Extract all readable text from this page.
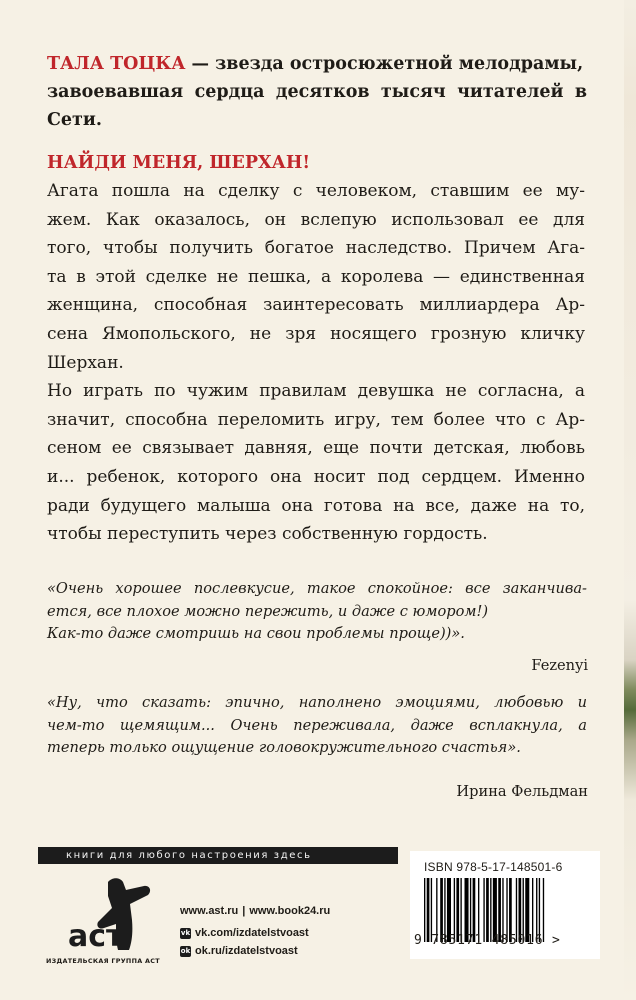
ТАЛА ТОЦКА — звезда остросюжетной мелодрамы,
завоевавшая сердца десятков тысяч читателей в
Сети.
НАЙДИ МЕНЯ, ШЕРХАН!
Агата пошла на сделку с человеком, ставшим ее му-
жем. Как оказалось, он вслепую использовал ее для
того, чтобы получить богатое наследство. Причем Ага-
та в этой сделке не пешка, а королева — единственная
женщина, способная заинтересовать миллиардера Ар-
сена Ямопольского, не зря носящего грозную кличку
Шерхан.
Но играть по чужим правилам девушка не согласна, а
значит, способна переломить игру, тем более что с Ар-
сеном ее связывает давняя, еще почти детская, любовь
и... ребенок, которого она носит под сердцем. Именно
ради будущего малыша она готова на все, даже на то,
чтобы переступить через собственную гордость.
«Очень хорошее послевкусие, такое спокойное: все заканчива-
ется, все плохое можно пережить, и даже с юмором!)
Как-то даже смотришь на свои проблемы проще))».
Fezenyi
«Ну, что сказать: эпично, наполнено эмоциями, любовью и
чем-то щемящим... Очень переживала, даже всплакнула, а
теперь только ощущение головокружительного счастья».
Ирина Фельдман
книги для любого настроения здесь
аст
ИЗДАТЕЛЬСКАЯ ГРУППА АСТ
www.ast.ru | www.book24.ru
vk vk.com/izdatelstvoast
ok ok.ru/izdatelstvoast
ISBN 978-5-17-148501-6
9 785171 485016 >
